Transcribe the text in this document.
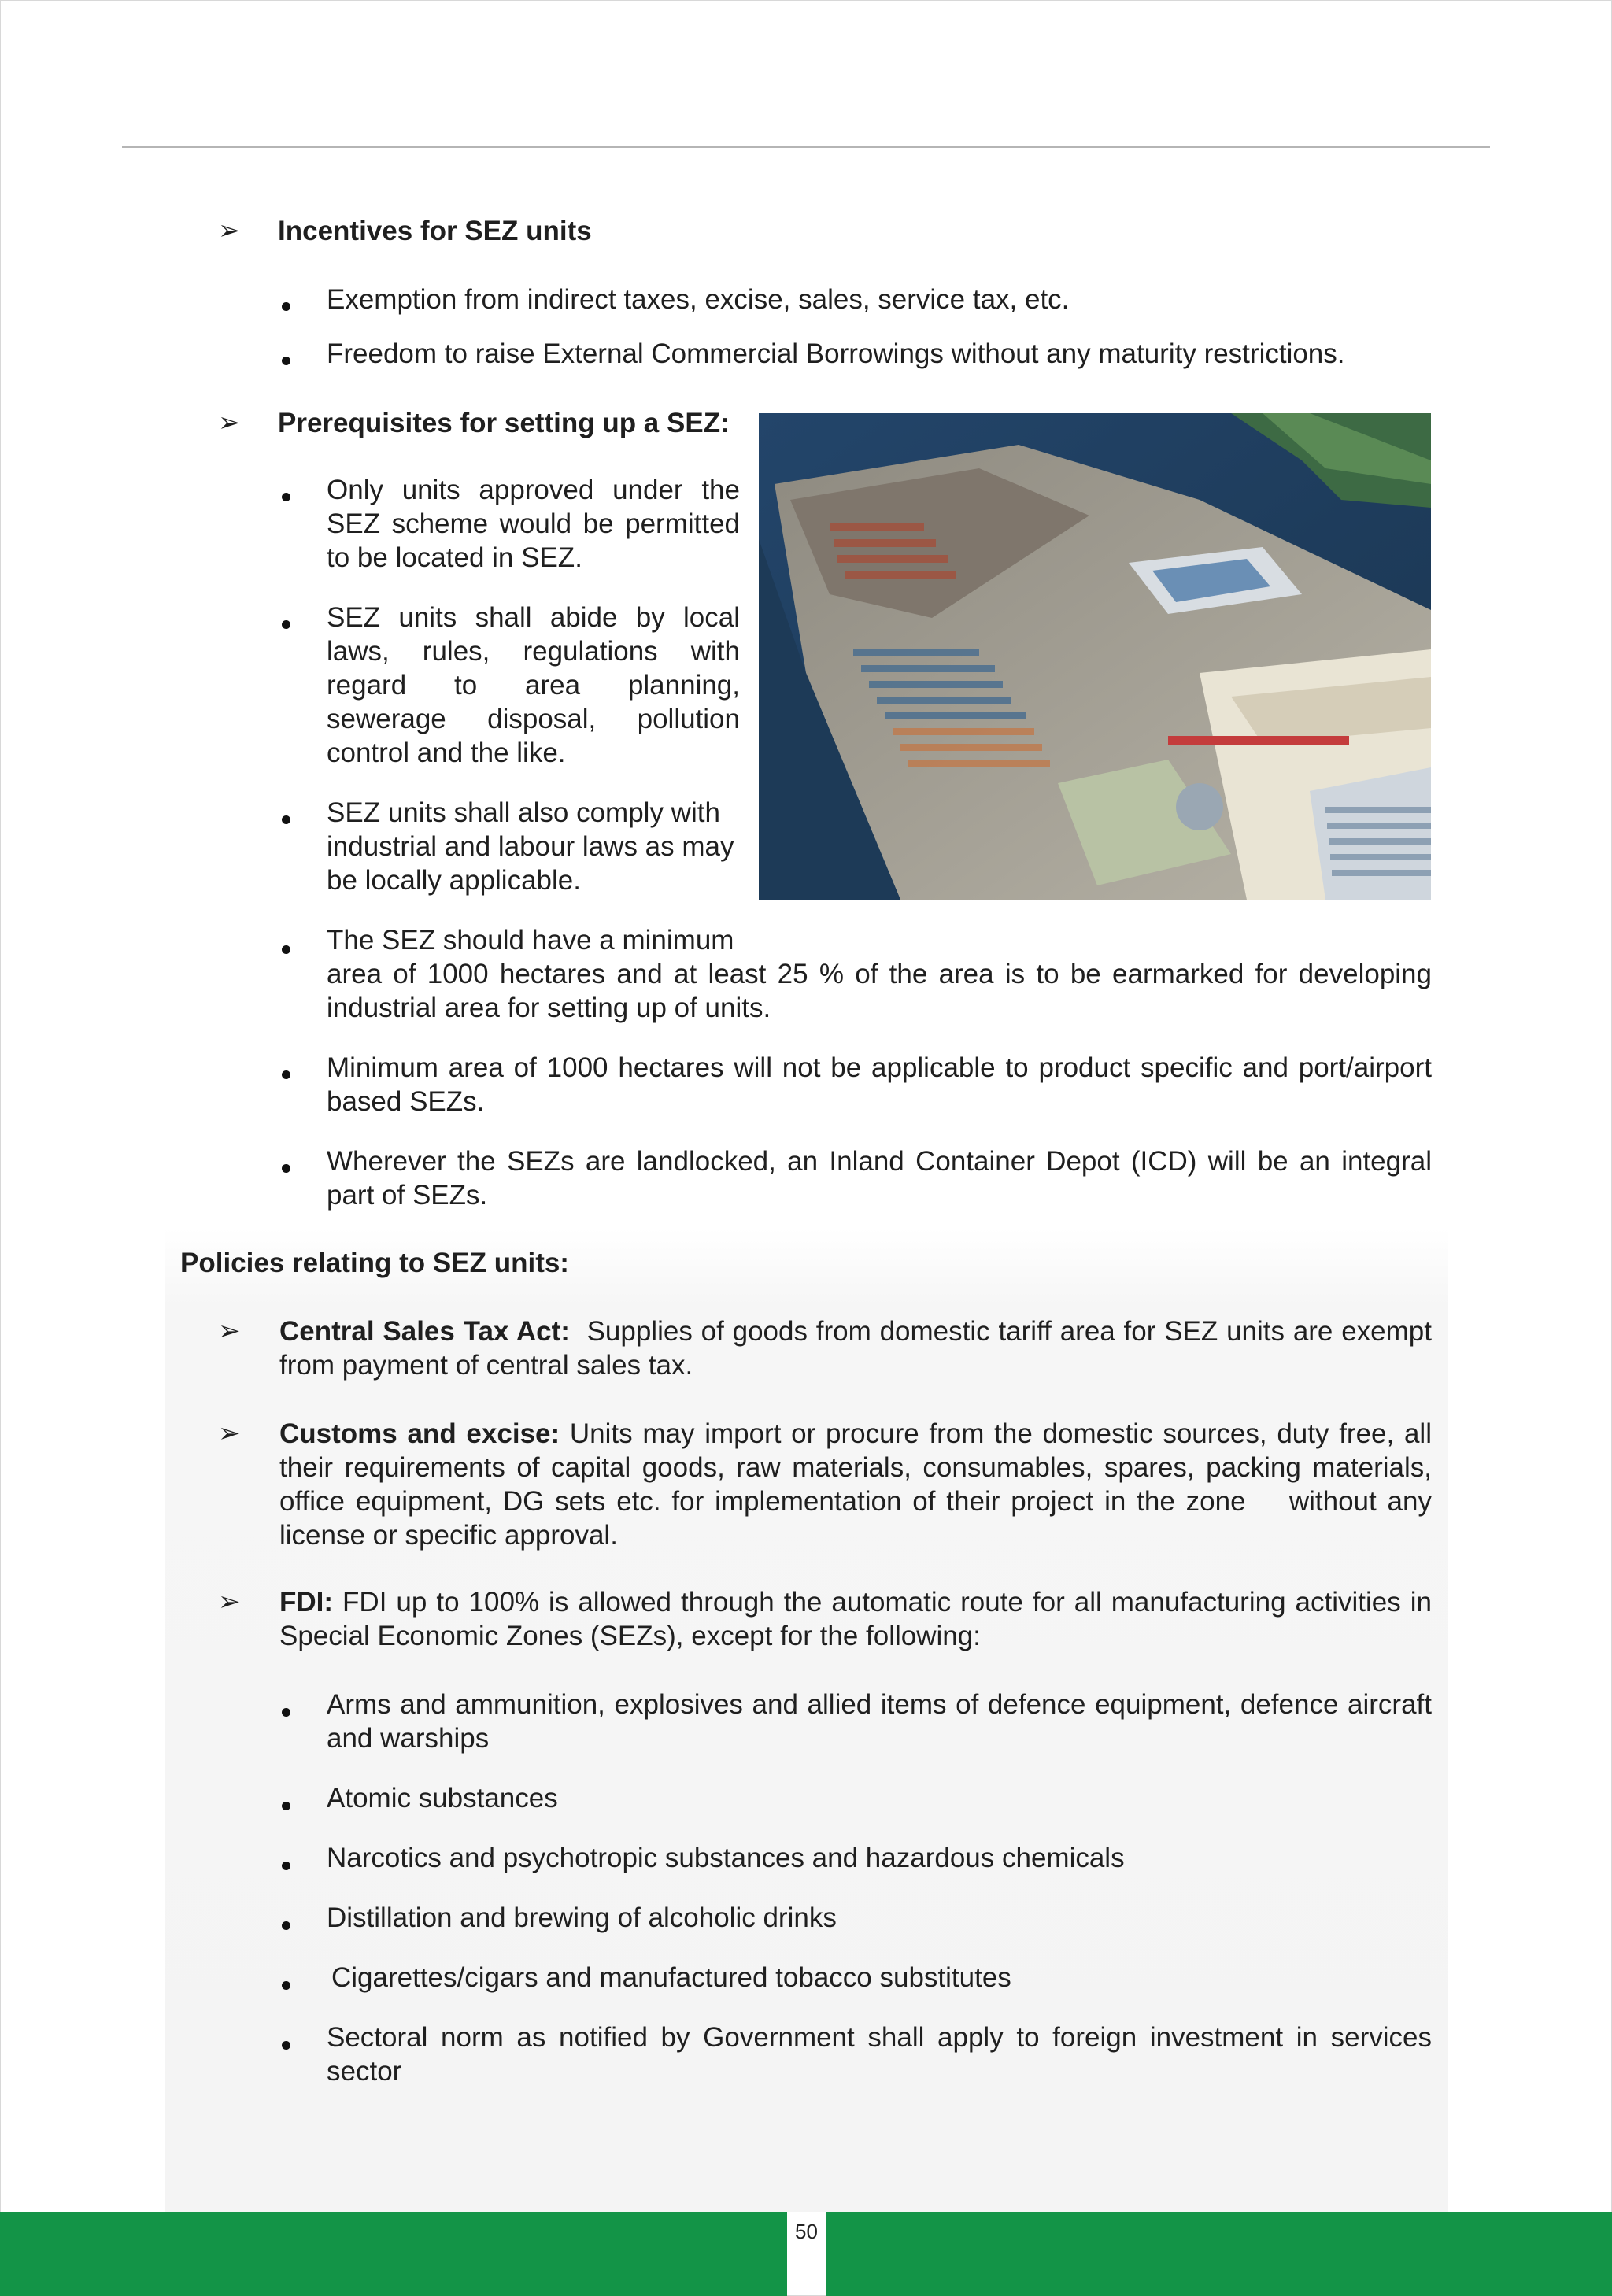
➢ Incentives for SEZ units

Exemption from indirect taxes, excise, sales, service tax, etc.

Freedom to raise External Commercial Borrowings without any maturity restrictions.

➢ Prerequisites for setting up a SEZ:

Only units approved under the SEZ scheme would be permitted to be located in SEZ.

SEZ units shall abide by local laws, rules, regulations with regard to area planning, sewerage disposal, pollution control and the like.

SEZ units shall also comply with industrial and labour laws as may be locally applicable.

The SEZ should have a minimum

area of 1000 hectares and at least 25 % of the area is to be earmarked for developing industrial area for setting up of units.

Minimum area of 1000 hectares will not be applicable to product specific and port/airport based SEZs.

Wherever the SEZs are landlocked, an Inland Container Depot (ICD) will be an integral part of SEZs.

Policies relating to SEZ units:

➢ Central Sales Tax Act: Supplies of goods from domestic tariff area for SEZ units are exempt from payment of central sales tax.

➢ Customs and excise: Units may import or procure from the domestic sources, duty free, all their requirements of capital goods, raw materials, consumables, spares, packing materials, office equipment, DG sets etc. for implementation of their project in the zone    without any license or specific approval.

➢ FDI: FDI up to 100% is allowed through the automatic route for all manufacturing activities in Special Economic Zones (SEZs), except for the following:

Arms and ammunition, explosives and allied items of defence equipment, defence aircraft and warships

Atomic substances

Narcotics and psychotropic substances and hazardous chemicals

Distillation and brewing of alcoholic drinks

Cigarettes/cigars and manufactured tobacco substitutes

Sectoral norm as notified by Government shall apply to foreign investment in services sector

50
